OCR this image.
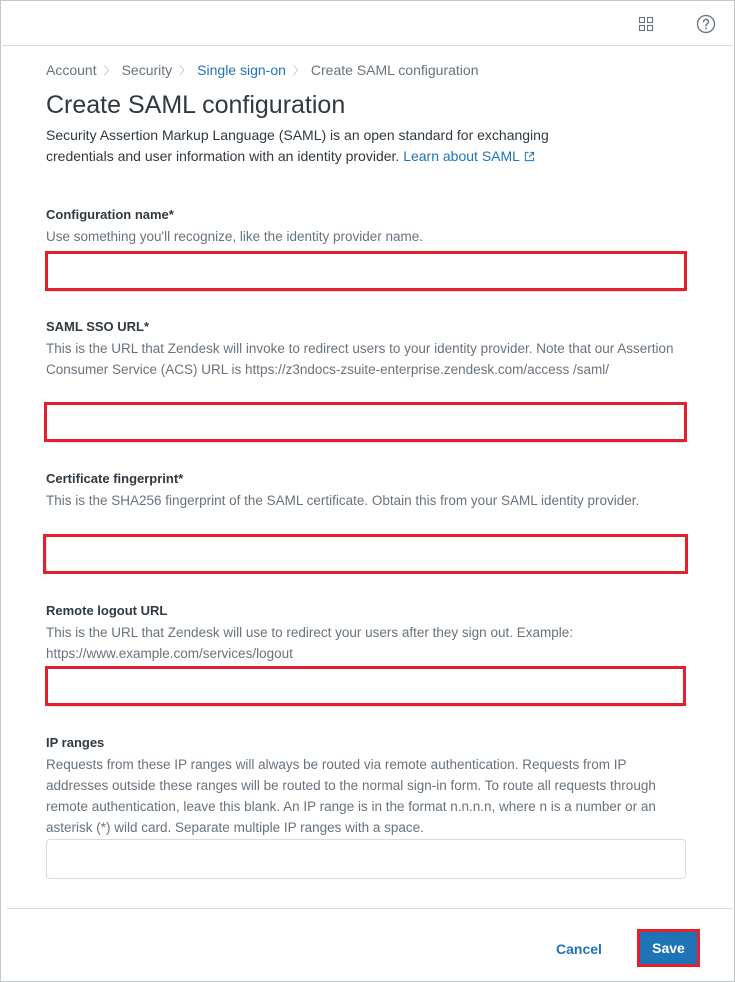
Account 〉 Security 〉 Single sign-on 〉 Create SAML configuration
Create SAML configuration

Security Assertion Markup Language (SAML) is an open standard for exchanging credentials and user information with an identity provider. Learn about SAML

Configuration name*
Use something you'll recognize, like the identity provider name.
SAML SSO URL*
This is the URL that Zendesk will invoke to redirect users to your identity provider. Note that our Assertion Consumer Service (ACS) URL is https://z3ndocs-zsuite-enterprise.zendesk.com/access /saml/
Certificate fingerprint*
This is the SHA256 fingerprint of the SAML certificate. Obtain this from your SAML identity provider.
Remote logout URL
This is the URL that Zendesk will use to redirect your users after they sign out. Example: https://www.example.com/services/logout
IP ranges
Requests from these IP ranges will always be routed via remote authentication. Requests from IP addresses outside these ranges will be routed to the normal sign-in form. To route all requests through remote authentication, leave this blank. An IP range is in the format n.n.n.n, where n is a number or an asterisk (*) wild card. Separate multiple IP ranges with a space.
Cancel	Save
